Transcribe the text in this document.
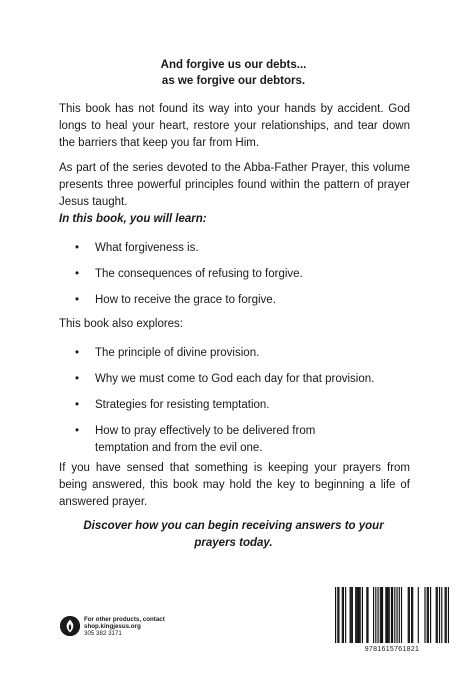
And forgive us our debts...
as we forgive our debtors.

This book has not found its way into your hands by accident. God longs to heal your heart, restore your relationships, and tear down the barriers that keep you far from Him.

As part of the series devoted to the Abba-Father Prayer, this volume presents three powerful principles found within the pattern of prayer Jesus taught.

In this book, you will learn:
• What forgiveness is.
• The consequences of refusing to forgive.
• How to receive the grace to forgive.
This book also explores:
• The principle of divine provision.
• Why we must come to God each day for that provision.
• Strategies for resisting temptation.
• How to pray effectively to be delivered from temptation and from the evil one.

If you have sensed that something is keeping your prayers from being answered, this book may hold the key to beginning a life of answered prayer.

Discover how you can begin receiving answers to your
prayers today.
For other products, contact
shop.kingjesus.org
305 382 3171
9781615761821
